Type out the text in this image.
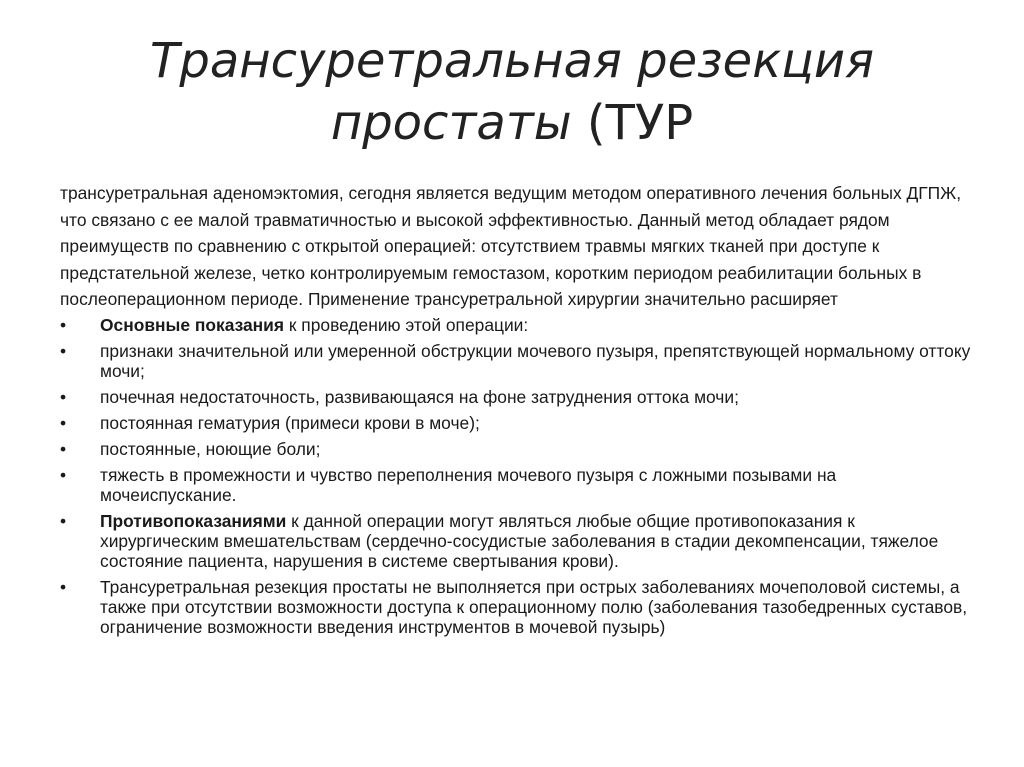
Трансуретральная резекция
простаты (ТУР

трансуретральная аденомэктомия, сегодня является ведущим методом оперативного лечения больных ДГПЖ, что связано с ее малой травматичностью и высокой эффективностью. Данный метод обладает рядом преимуществ по сравнению с открытой операцией: отсутствием травмы мягких тканей при доступе к предстательной железе, четко контролируемым гемостазом, коротким периодом реабилитации больных в послеоперационном периоде. Применение трансуретральной хирургии значительно расширяет

•	Основные показания к проведению этой операции:
•	признаки значительной или умеренной обструкции мочевого пузыря, препятствующей нормальному оттоку мочи;
•	почечная недостаточность, развивающаяся на фоне затруднения оттока мочи;
•	постоянная гематурия (примеси крови в моче);
•	постоянные, ноющие боли;
•	тяжесть в промежности и чувство переполнения мочевого пузыря с ложными позывами на мочеиспускание.
•	Противопоказаниями к данной операции могут являться любые общие противопоказания к хирургическим вмешательствам (сердечно-сосудистые заболевания в стадии декомпенсации, тяжелое состояние пациента, нарушения в системе свертывания крови).
•	Трансуретральная резекция простаты не выполняется при острых заболеваниях мочеполовой системы, а также при отсутствии возможности доступа к операционному полю (заболевания тазобедренных суставов, ограничение возможности введения инструментов в мочевой пузырь)
